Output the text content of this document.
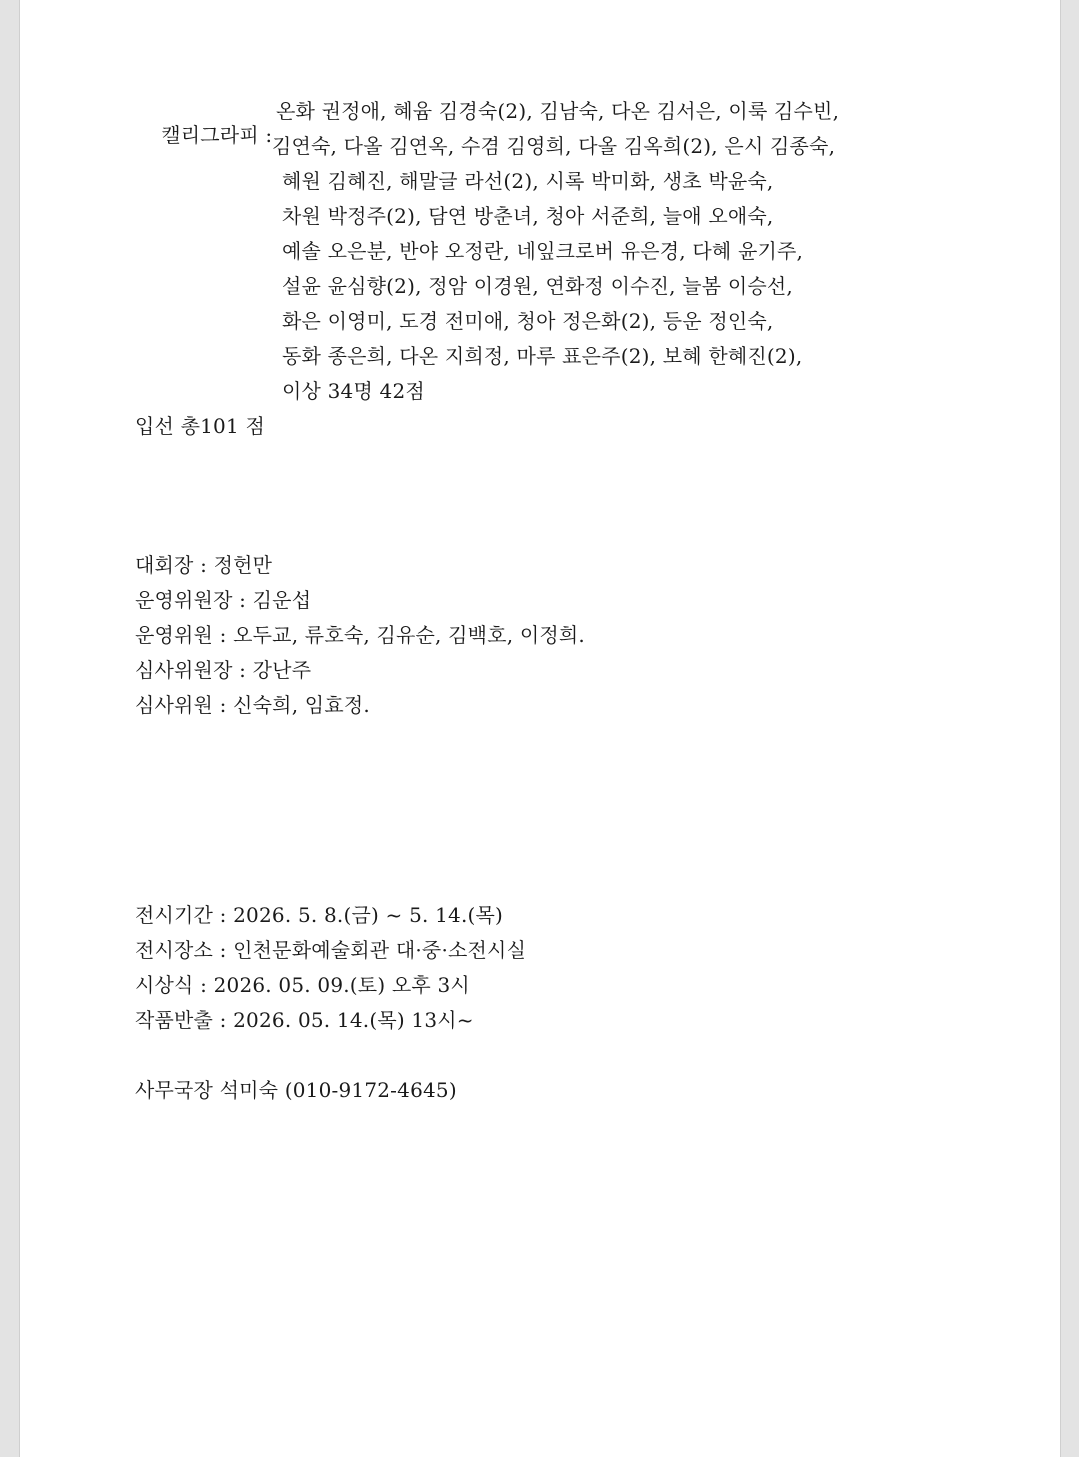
캘리그라피 :

온화 권정애, 혜윰 김경숙(2), 김남숙, 다온 김서은, 이룩 김수빈,
김연숙, 다올 김연옥, 수겸 김영희, 다올 김옥희(2), 은시 김종숙,
혜원 김혜진, 해말글 라선(2), 시록 박미화, 생초 박윤숙,
차원 박정주(2), 담연 방춘녀, 청아 서준희, 늘애 오애숙,
예솔 오은분, 반야 오정란, 네잎크로버 유은경, 다혜 윤기주,
설윤 윤심향(2), 정암 이경원, 연화정 이수진, 늘봄 이승선,
화은 이영미, 도경 전미애, 청아 정은화(2), 등운 정인숙,
동화 종은희, 다온 지희정, 마루 표은주(2), 보혜 한혜진(2),
이상 34명 42점
입선 총101 점
대회장 : 정헌만
운영위원장 : 김운섭
운영위원 : 오두교, 류호숙, 김유순, 김백호, 이정희.
심사위원장 : 강난주
심사위원 : 신숙희, 임효정.
전시기간 : 2026. 5. 8.(금) ~ 5. 14.(목)
전시장소 : 인천문화예술회관 대·중·소전시실
시상식 : 2026. 05. 09.(토) 오후 3시
작품반출 : 2026. 05. 14.(목) 13시~
사무국장 석미숙 (010-9172-4645)
